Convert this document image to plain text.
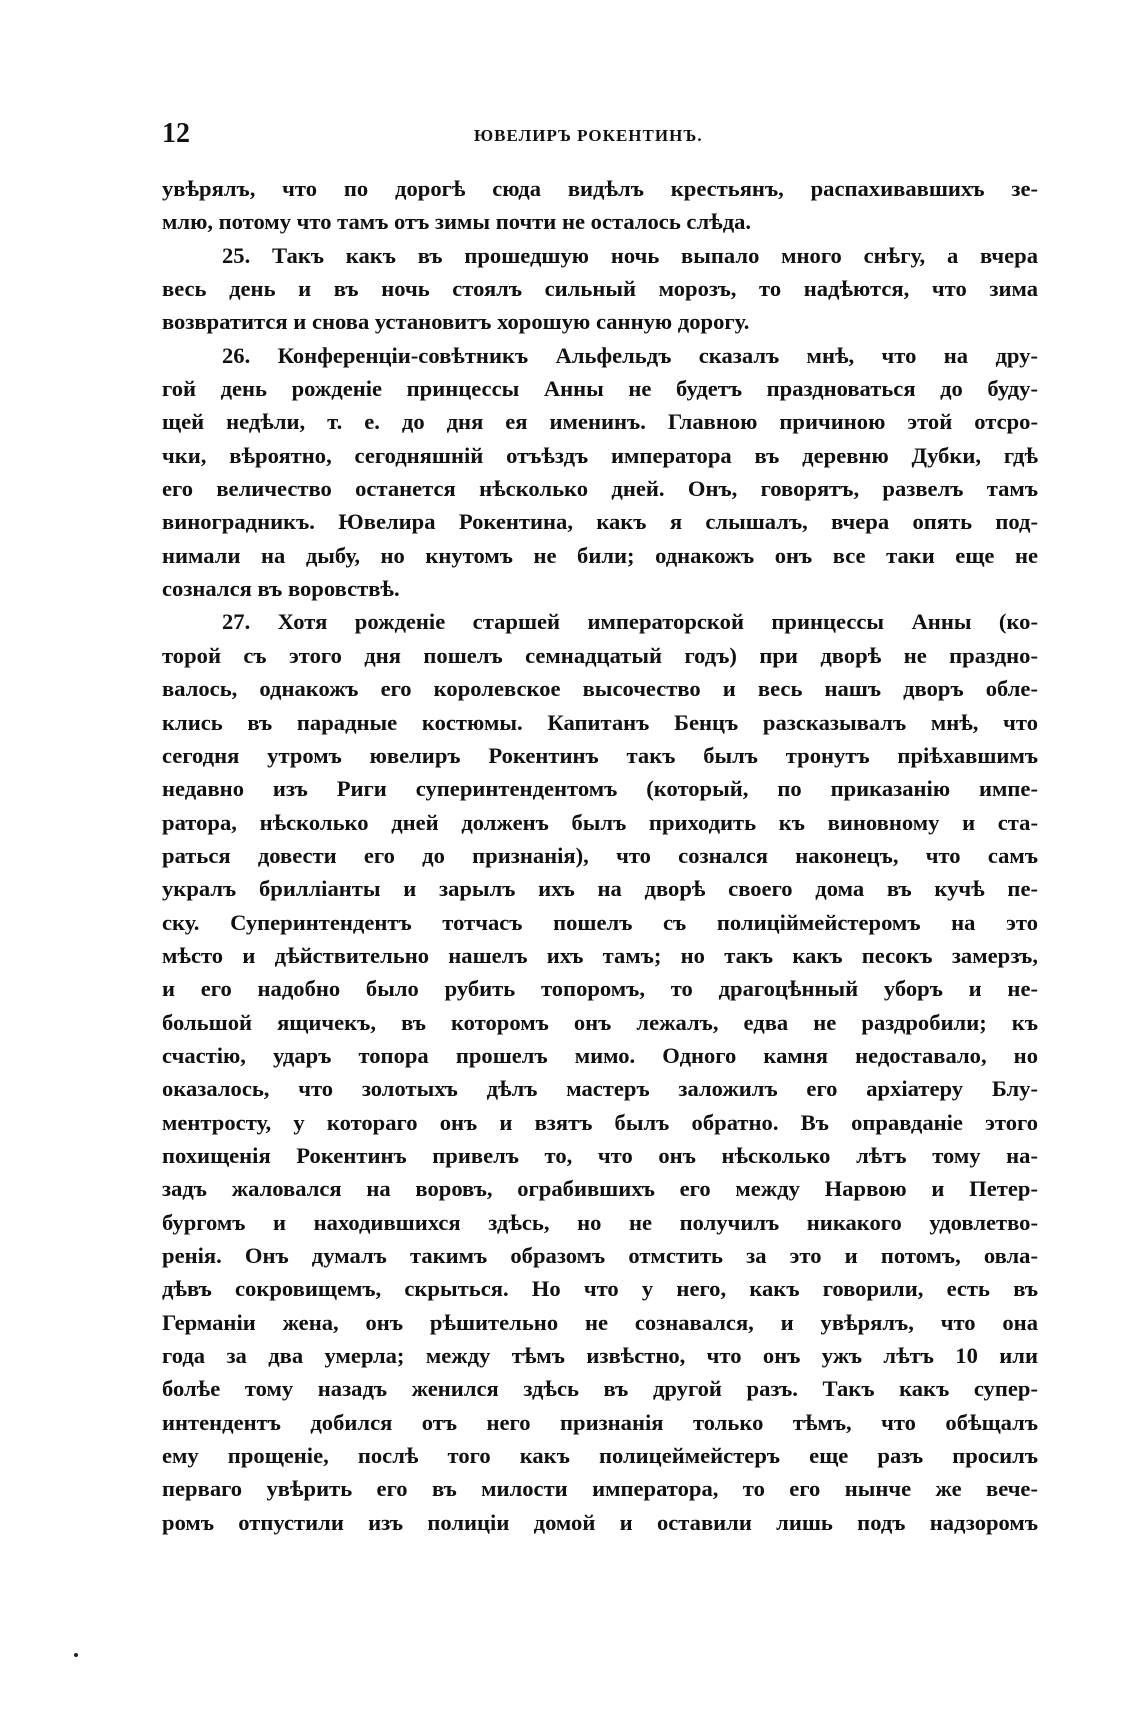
12	ЮВЕЛИРЪ РОКЕНТИНЪ.
увѣрялъ, что по дорогѣ сюда видѣлъ крестьянъ, распахивавшихъ зе-
млю, потому что тамъ отъ зимы почти не осталось слѣда.
25. Такъ какъ въ прошедшую ночь выпало много снѣгу, а вчера
весь день и въ ночь стоялъ сильный морозъ, то надѣются, что зима
возвратится и снова установитъ хорошую санную дорогу.
26. Конференціи-совѣтникъ Альфельдъ сказалъ мнѣ, что на дру-
гой день рожденіе принцессы Анны не будетъ праздноваться до буду-
щей недѣли, т. е. до дня ея именинъ. Главною причиною этой отсро-
чки, вѣроятно, сегодняшній отъѣздъ императора въ деревню Дубки, гдѣ
его величество останется нѣсколько дней. Онъ, говорятъ, развелъ тамъ
виноградникъ. Ювелира Рокентина, какъ я слышалъ, вчера опять под-
нимали на дыбу, но кнутомъ не били; однакожъ онъ все таки еще не
сознался въ воровствѣ.
27. Хотя рожденіе старшей императорской принцессы Анны (ко-
торой съ этого дня пошелъ семнадцатый годъ) при дворѣ не праздно-
валось, однакожъ его королевское высочество и весь нашъ дворъ обле-
клись въ парадные костюмы. Капитанъ Бенцъ разсказывалъ мнѣ, что
сегодня утромъ ювелиръ Рокентинъ такъ былъ тронутъ пріѣхавшимъ
недавно изъ Риги суперинтендентомъ (который, по приказанію импе-
ратора, нѣсколько дней долженъ былъ приходить къ виновному и ста-
раться довести его до признанія), что сознался наконецъ, что самъ
укралъ брилліанты и зарылъ ихъ на дворѣ своего дома въ кучѣ пе-
ску. Суперинтендентъ тотчасъ пошелъ съ полиціймейстеромъ на это
мѣсто и дѣйствительно нашелъ ихъ тамъ; но такъ какъ песокъ замерзъ,
и его надобно было рубить топоромъ, то драгоцѣнный уборъ и не-
большой ящичекъ, въ которомъ онъ лежалъ, едва не раздробили; къ
счастію, ударъ топора прошелъ мимо. Одного камня недоставало, но
оказалось, что золотыхъ дѣлъ мастеръ заложилъ его архіатеру Блу-
ментросту, у котораго онъ и взятъ былъ обратно. Въ оправданіе этого
похищенія Рокентинъ привелъ то, что онъ нѣсколько лѣтъ тому на-
задъ жаловался на воровъ, ограбившихъ его между Нарвою и Петер-
бургомъ и находившихся здѣсь, но не получилъ никакого удовлетво-
ренія. Онъ думалъ такимъ образомъ отмстить за это и потомъ, овла-
дѣвъ сокровищемъ, скрыться. Но что у него, какъ говорили, есть въ
Германіи жена, онъ рѣшительно не сознавался, и увѣрялъ, что она
года за два умерла; между тѣмъ извѣстно, что онъ ужъ лѣтъ 10 или
болѣе тому назадъ женился здѣсь въ другой разъ. Такъ какъ супер-
интендентъ добился отъ него признанія только тѣмъ, что обѣщалъ
ему прощеніе, послѣ того какъ полицеймейстеръ еще разъ просилъ
перваго увѣрить его въ милости императора, то его нынче же вече-
ромъ отпустили изъ полиціи домой и оставили лишь подъ надзоромъ
